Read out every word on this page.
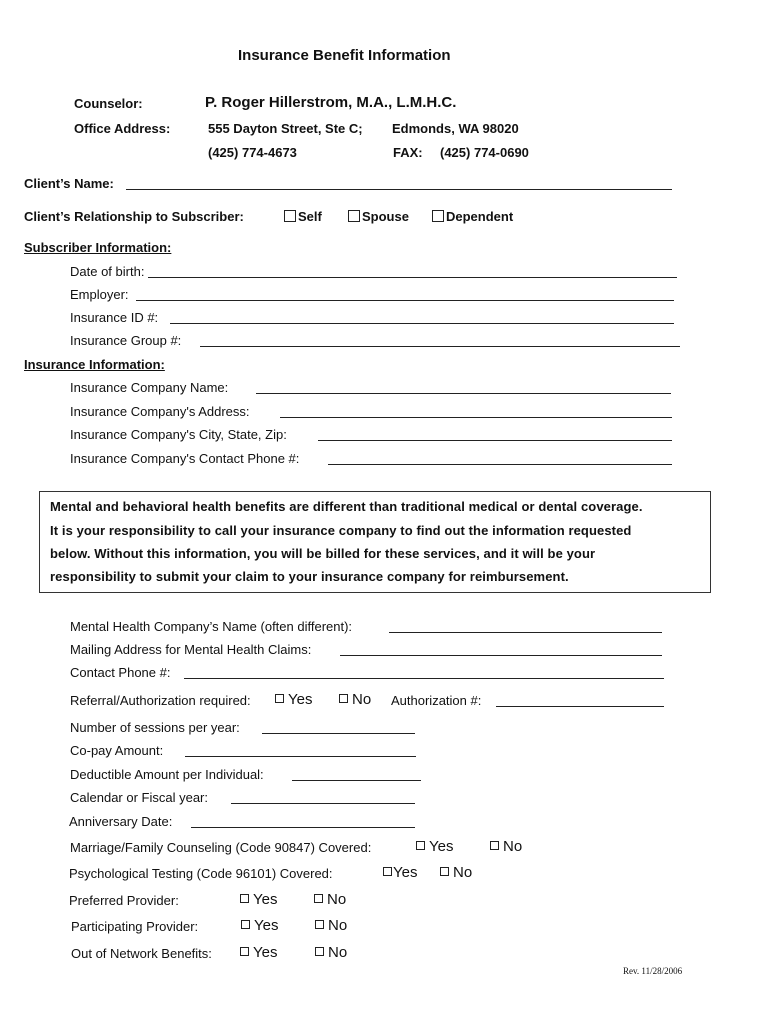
Insurance Benefit Information
Counselor:	P. Roger Hillerstrom, M.A., L.M.H.C.
Office Address:	555 Dayton Street, Ste C; Edmonds, WA 98020
(425) 774-4673	FAX: (425) 774-0690
Client’s Name:
Client’s Relationship to Subscriber:	Self	Spouse	Dependent
Subscriber Information:
Date of birth:
Employer:
Insurance ID #:
Insurance Group #:
Insurance Information:
Insurance Company Name:
Insurance Company's Address:
Insurance Company's City, State, Zip:
Insurance Company's Contact Phone #:
Mental and behavioral health benefits are different than traditional medical or dental coverage.
It is your responsibility to call your insurance company to find out the information requested
below. Without this information, you will be billed for these services, and it will be your
responsibility to submit your claim to your insurance company for reimbursement.
Mental Health Company’s Name (often different):
Mailing Address for Mental Health Claims:
Contact Phone #:
Referral/Authorization required:	Yes	No Authorization #:
Number of sessions per year:
Co-pay Amount:
Deductible Amount per Individual:
Calendar or Fiscal year:
Anniversary Date:
Marriage/Family Counseling (Code 90847) Covered:	Yes	No
Psychological Testing (Code 96101) Covered:	Yes	No
Preferred Provider:	Yes	No
Participating Provider:	Yes	No
Out of Network Benefits:	Yes	No
Rev. 11/28/2006
